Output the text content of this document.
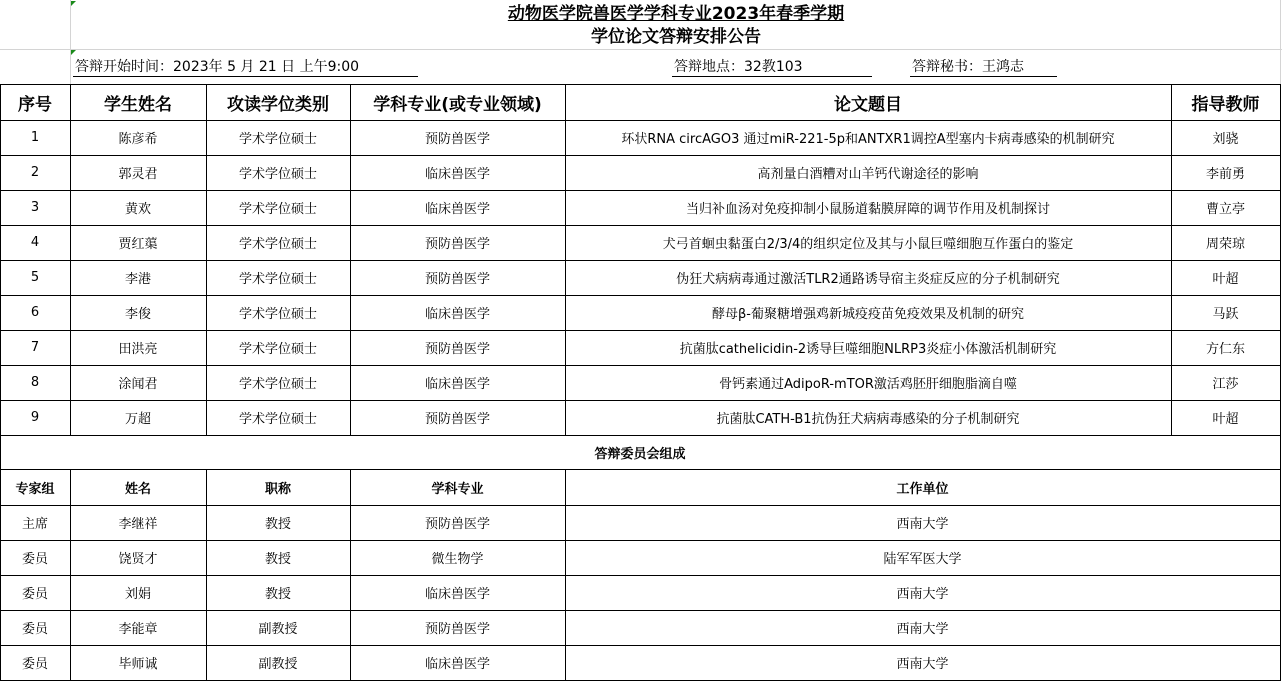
动物医学院兽医学学科专业2023年春季学期
学位论文答辩安排公告
答辩开始时间：2023年 5 月 21 日 上午9:00	答辩地点：32教103	答辩秘书：王鸿志
序号	学生姓名	攻读学位类别	学科专业(或专业领域)	论文题目	指导教师
1	陈彦希	学术学位硕士	预防兽医学	环状RNA circAGO3 通过miR-221-5p和ANTXR1调控A型塞内卡病毒感染的机制研究	刘骁
2	郭灵君	学术学位硕士	临床兽医学	高剂量白酒糟对山羊钙代谢途径的影响	李前勇
3	黄欢	学术学位硕士	临床兽医学	当归补血汤对免疫抑制小鼠肠道黏膜屏障的调节作用及机制探讨	曹立亭
4	贾红蕖	学术学位硕士	预防兽医学	犬弓首蛔虫黏蛋白2/3/4的组织定位及其与小鼠巨噬细胞互作蛋白的鉴定	周荣琼
5	李港	学术学位硕士	预防兽医学	伪狂犬病病毒通过激活TLR2通路诱导宿主炎症反应的分子机制研究	叶超
6	李俊	学术学位硕士	临床兽医学	酵母β-葡聚糖增强鸡新城疫疫苗免疫效果及机制的研究	马跃
7	田洪亮	学术学位硕士	预防兽医学	抗菌肽cathelicidin-2诱导巨噬细胞NLRP3炎症小体激活机制研究	方仁东
8	涂闻君	学术学位硕士	临床兽医学	骨钙素通过AdipoR-mTOR激活鸡胚肝细胞脂滴自噬	江莎
9	万超	学术学位硕士	预防兽医学	抗菌肽CATH-B1抗伪狂犬病病毒感染的分子机制研究	叶超
答辩委员会组成
专家组	姓名	职称	学科专业	工作单位
主席	李继祥	教授	预防兽医学	西南大学
委员	饶贤才	教授	微生物学	陆军军医大学
委员	刘娟	教授	临床兽医学	西南大学
委员	李能章	副教授	预防兽医学	西南大学
委员	毕师诚	副教授	临床兽医学	西南大学
